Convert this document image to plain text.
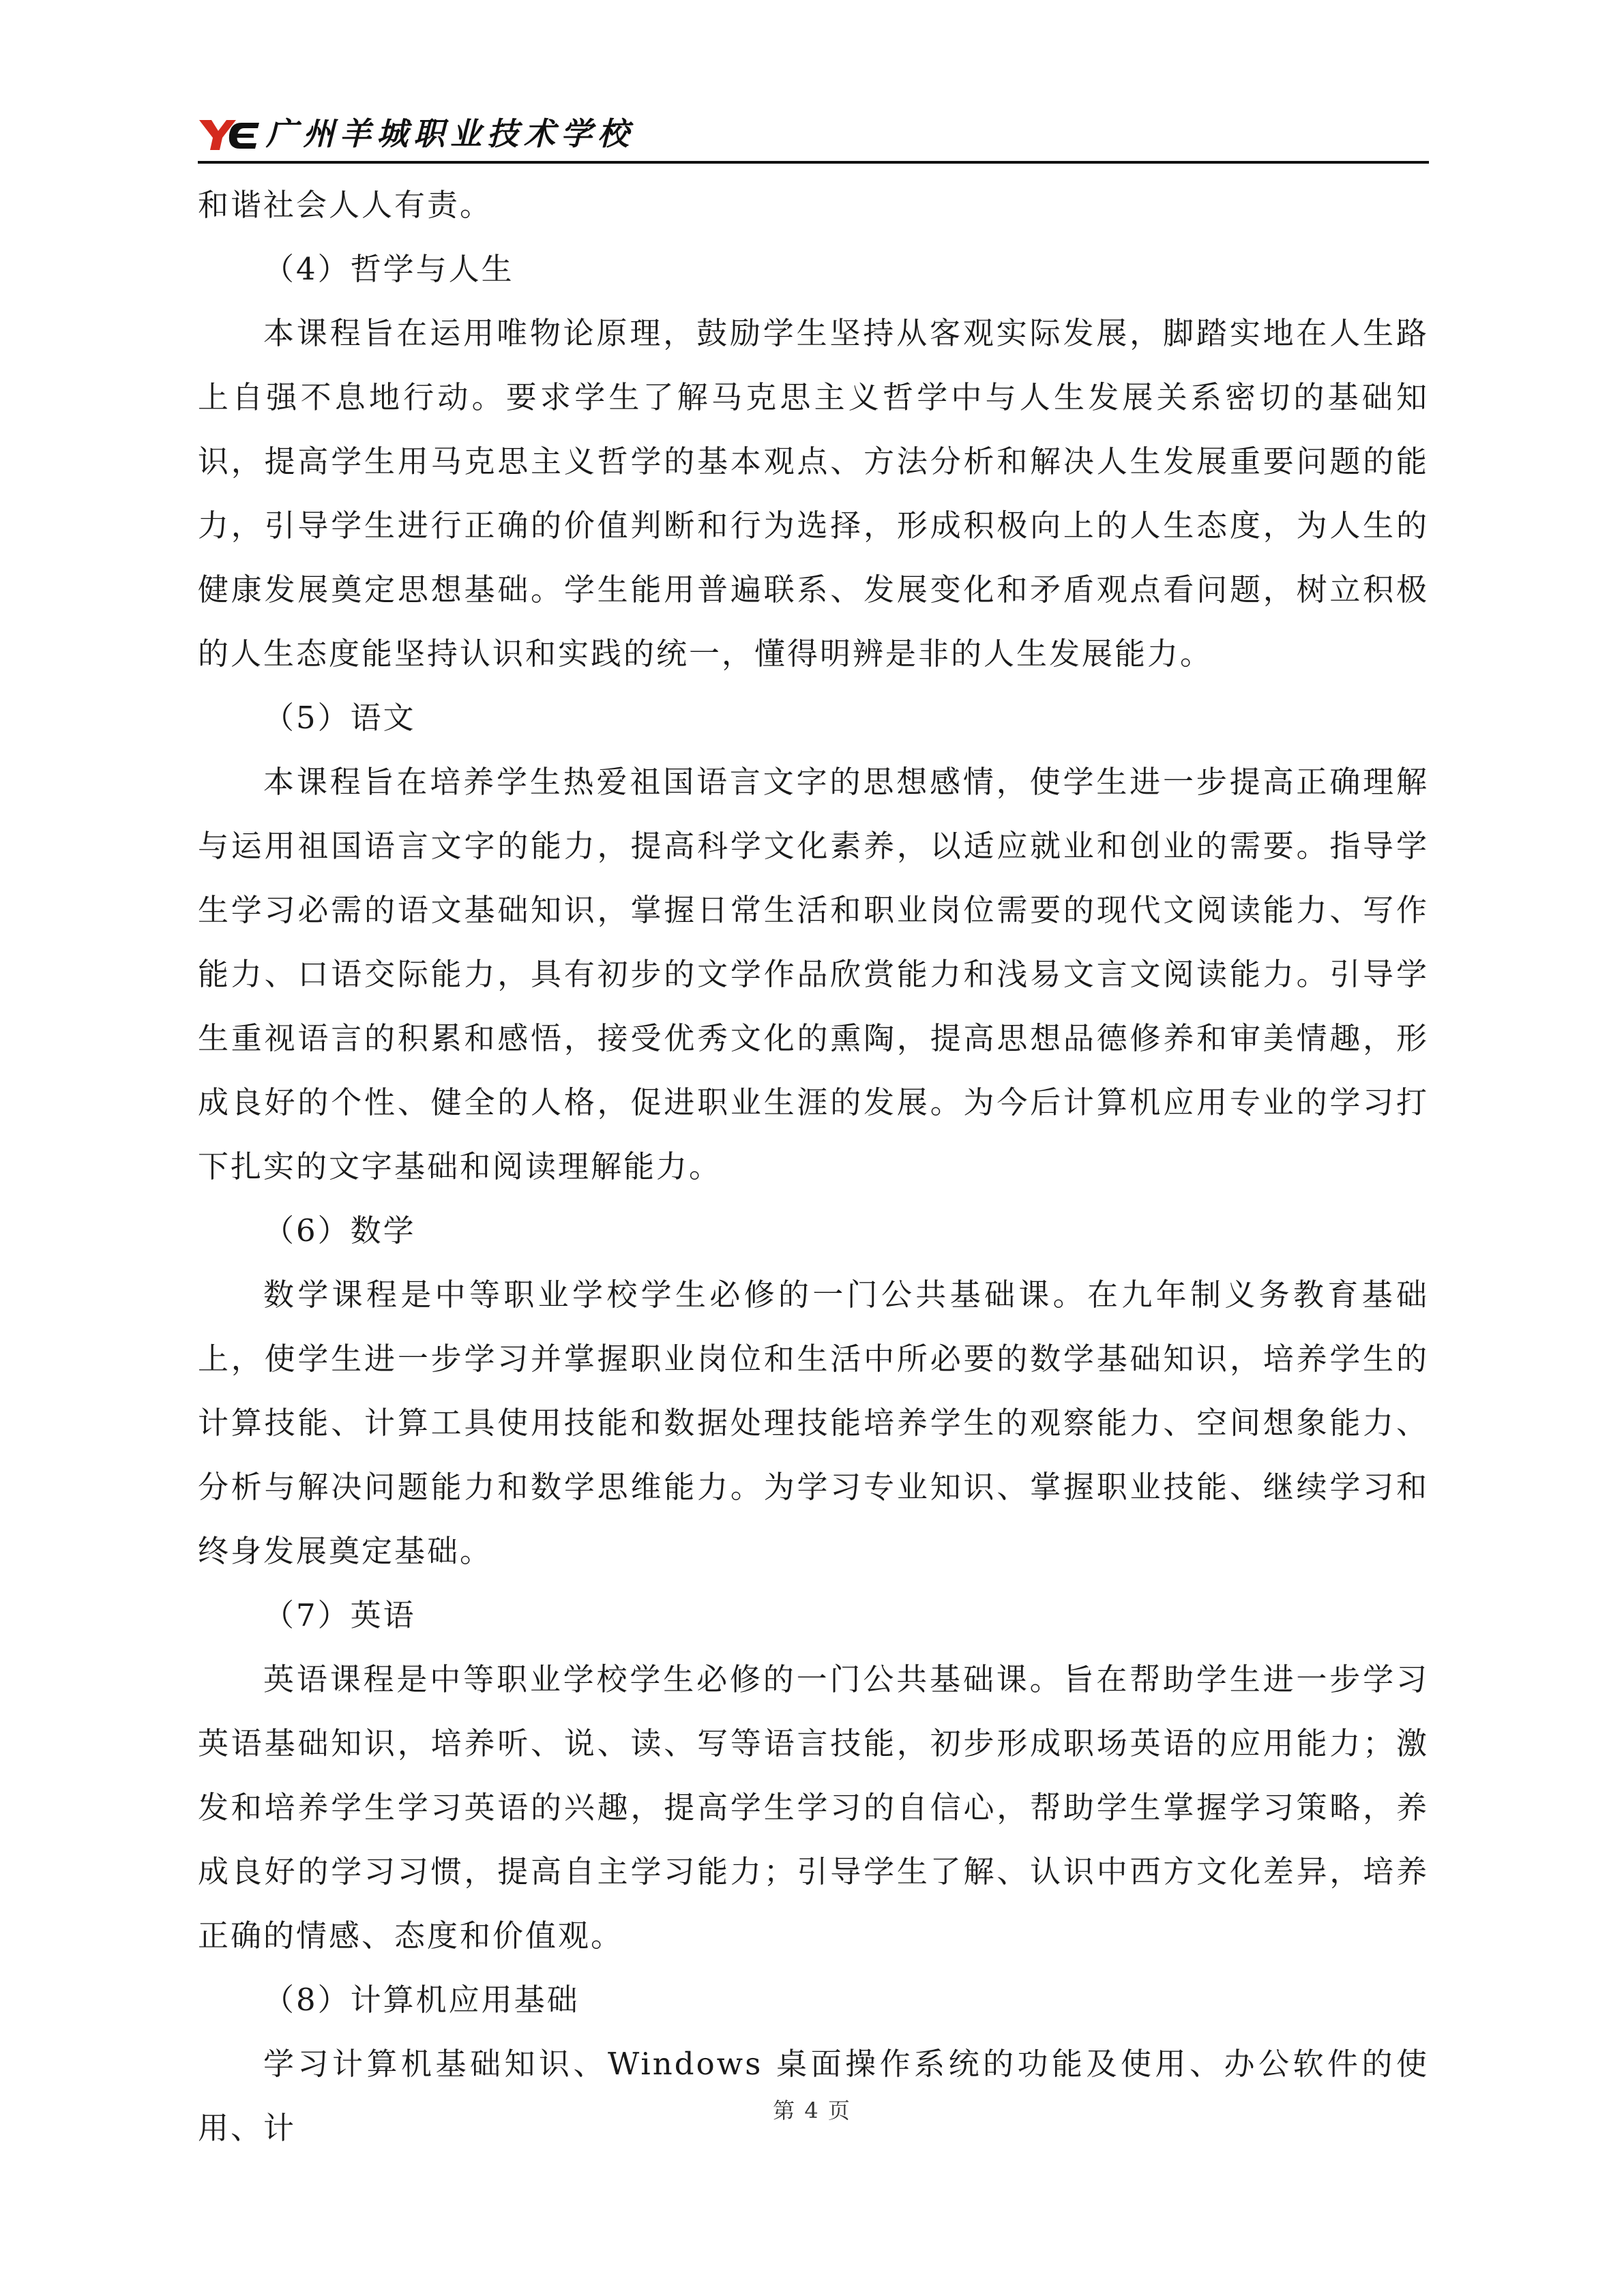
广州羊城职业技术学校

和谐社会人人有责。

（4）哲学与人生

本课程旨在运用唯物论原理，鼓励学生坚持从客观实际发展，脚踏实地在人生路上自强不息地行动。要求学生了解马克思主义哲学中与人生发展关系密切的基础知识，提高学生用马克思主义哲学的基本观点、方法分析和解决人生发展重要问题的能力，引导学生进行正确的价值判断和行为选择，形成积极向上的人生态度，为人生的健康发展奠定思想基础。学生能用普遍联系、发展变化和矛盾观点看问题，树立积极的人生态度能坚持认识和实践的统一，懂得明辨是非的人生发展能力。

（5）语文

本课程旨在培养学生热爱祖国语言文字的思想感情，使学生进一步提高正确理解与运用祖国语言文字的能力，提高科学文化素养，以适应就业和创业的需要。指导学生学习必需的语文基础知识，掌握日常生活和职业岗位需要的现代文阅读能力、写作能力、口语交际能力，具有初步的文学作品欣赏能力和浅易文言文阅读能力。引导学生重视语言的积累和感悟，接受优秀文化的熏陶，提高思想品德修养和审美情趣，形成良好的个性、健全的人格，促进职业生涯的发展。为今后计算机应用专业的学习打下扎实的文字基础和阅读理解能力。

（6）数学

数学课程是中等职业学校学生必修的一门公共基础课。在九年制义务教育基础上，使学生进一步学习并掌握职业岗位和生活中所必要的数学基础知识，培养学生的计算技能、计算工具使用技能和数据处理技能培养学生的观察能力、空间想象能力、分析与解决问题能力和数学思维能力。为学习专业知识、掌握职业技能、继续学习和终身发展奠定基础。

（7）英语

英语课程是中等职业学校学生必修的一门公共基础课。旨在帮助学生进一步学习英语基础知识，培养听、说、读、写等语言技能，初步形成职场英语的应用能力；激发和培养学生学习英语的兴趣，提高学生学习的自信心，帮助学生掌握学习策略，养成良好的学习习惯，提高自主学习能力；引导学生了解、认识中西方文化差异，培养正确的情感、态度和价值观。

（8）计算机应用基础

学习计算机基础知识、Windows 桌面操作系统的功能及使用、办公软件的使用、计	第 4 页
